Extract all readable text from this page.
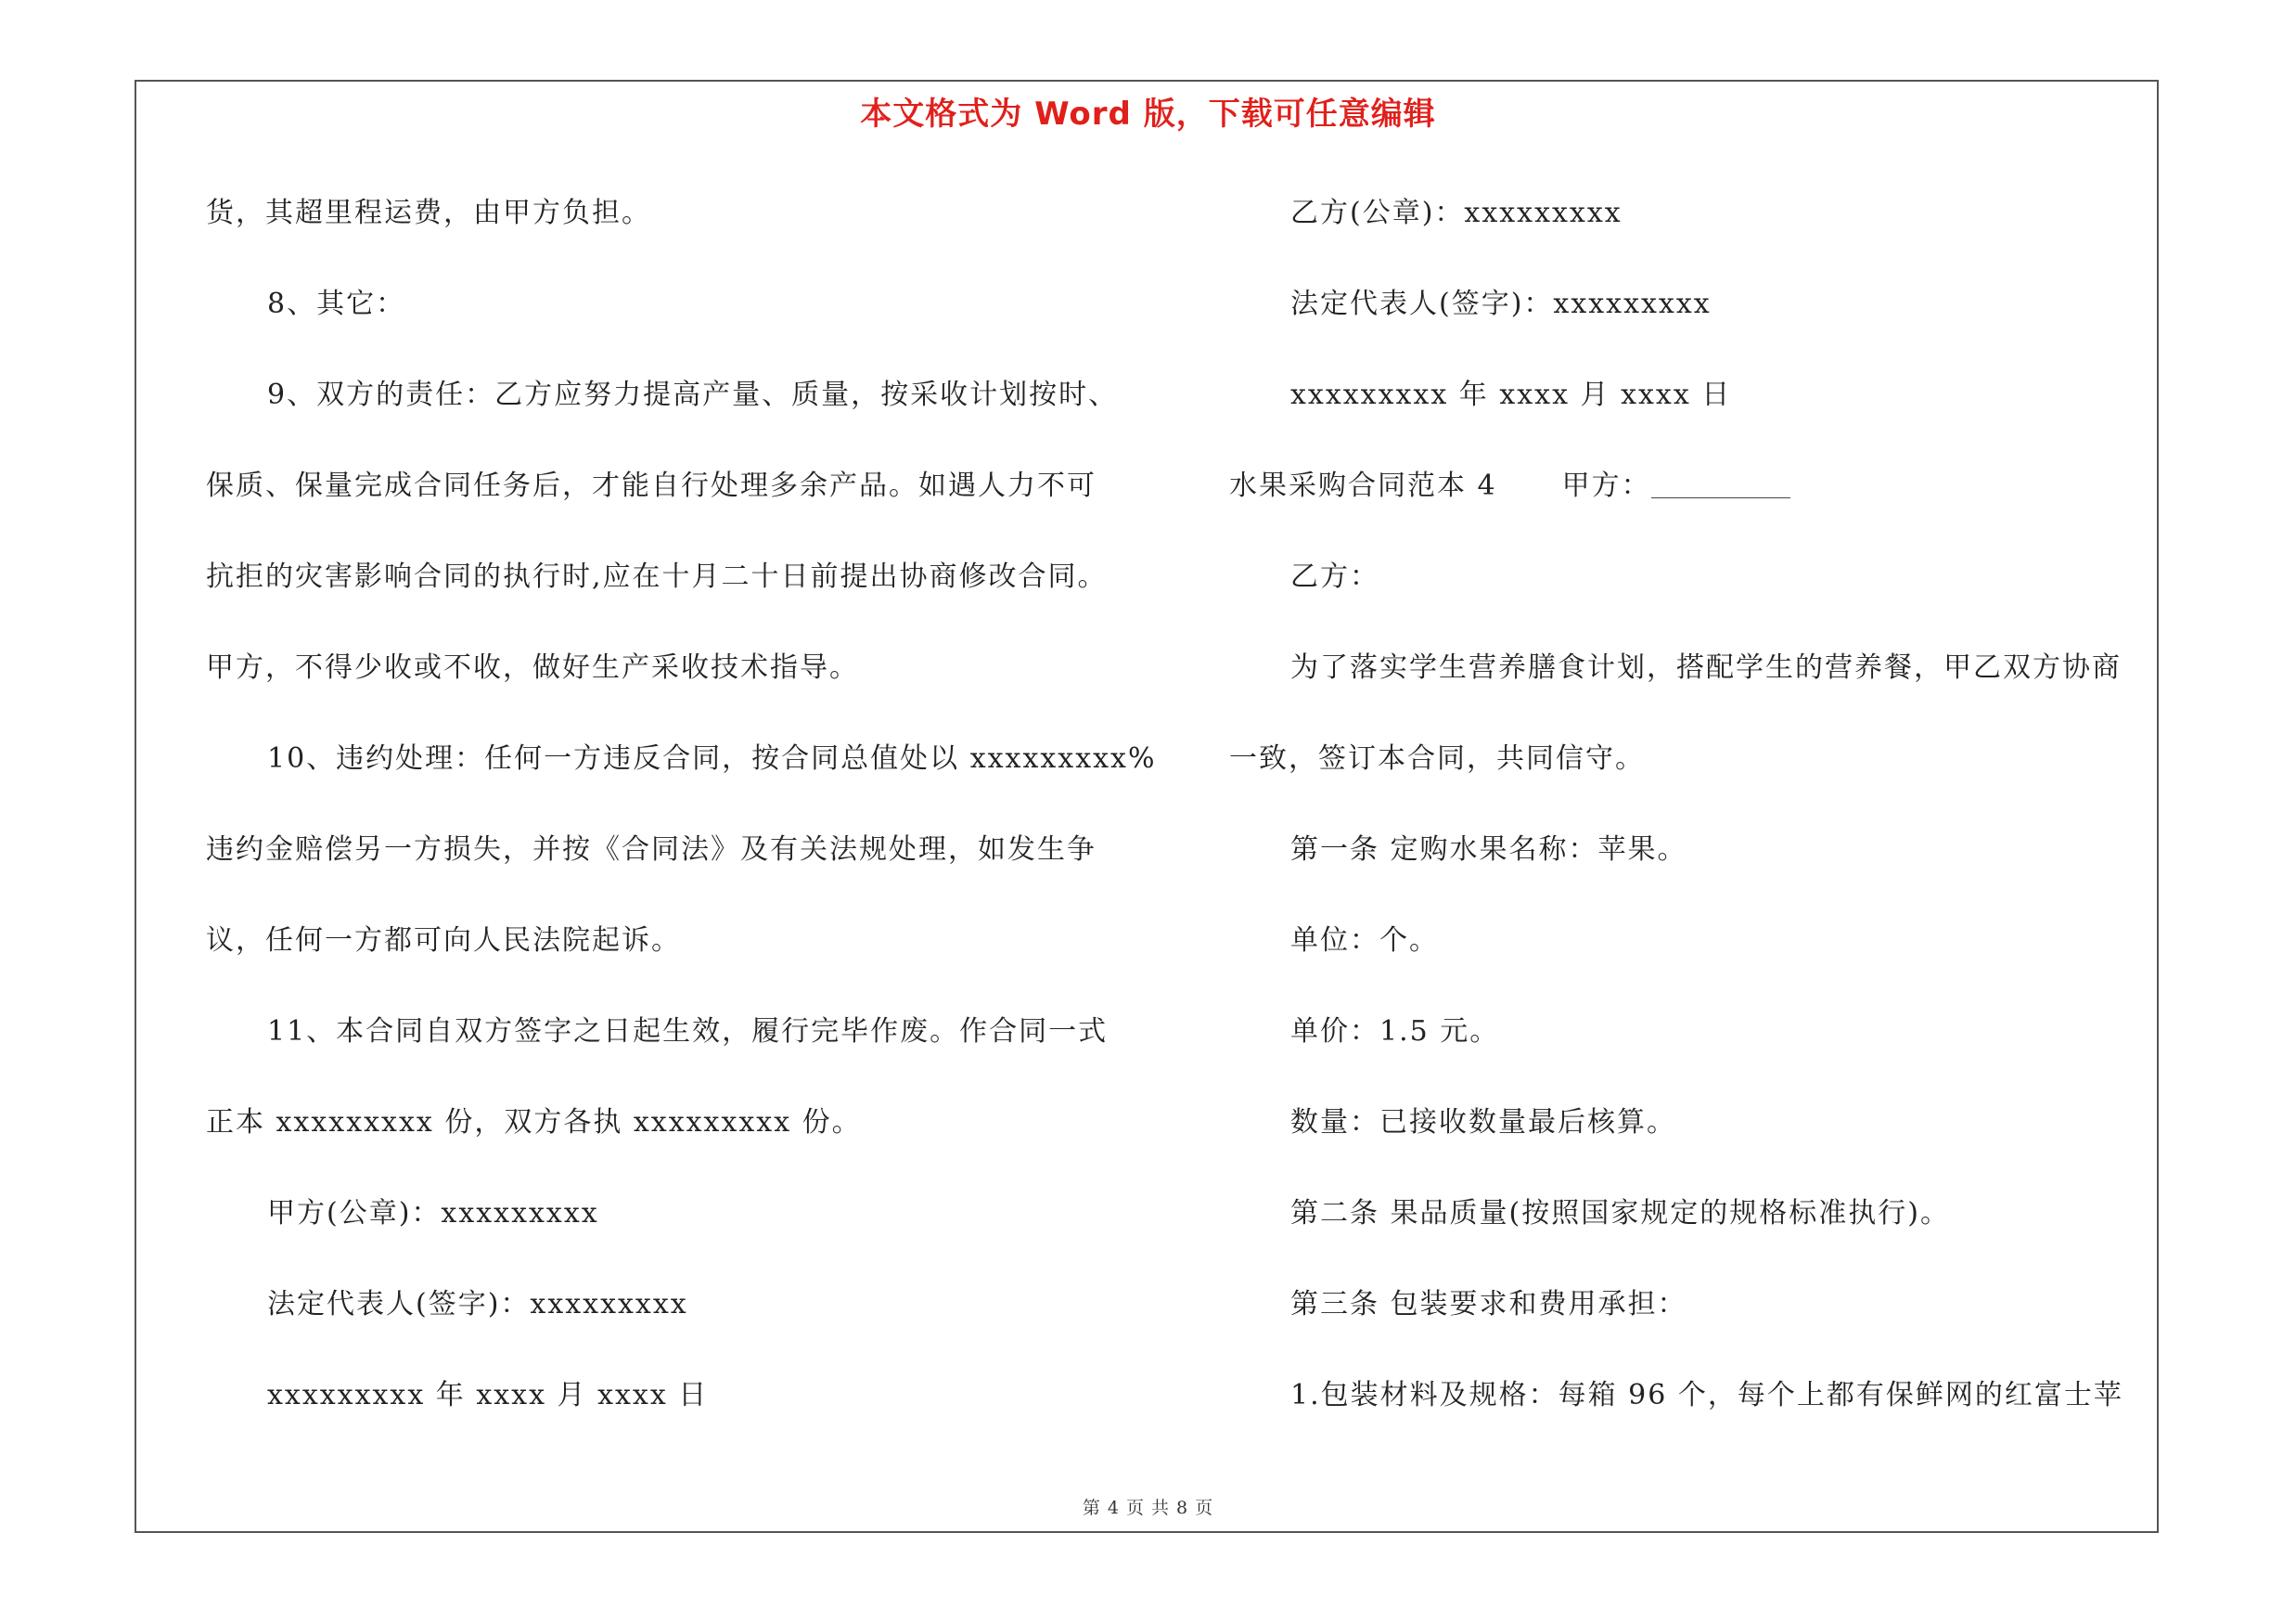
本文格式为 Word 版，下载可任意编辑
货，其超里程运费，由甲方负担。
8、其它：
9、双方的责任：乙方应努力提高产量、质量，按采收计划按时、
保质、保量完成合同任务后，才能自行处理多余产品。如遇人力不可
抗拒的灾害影响合同的执行时,应在十月二十日前提出协商修改合同。
甲方，不得少收或不收，做好生产采收技术指导。
10、违约处理：任何一方违反合同，按合同总值处以 xxxxxxxxx%
违约金赔偿另一方损失，并按《合同法》及有关法规处理，如发生争
议，任何一方都可向人民法院起诉。
11、本合同自双方签字之日起生效，履行完毕作废。作合同一式
正本 xxxxxxxxx 份，双方各执 xxxxxxxxx 份。
甲方(公章)：xxxxxxxxx
法定代表人(签字)：xxxxxxxxx
xxxxxxxxx 年 xxxx 月 xxxx 日
乙方(公章)：xxxxxxxxx
法定代表人(签字)：xxxxxxxxx
xxxxxxxxx 年 xxxx 月 xxxx 日
水果采购合同范本 4 甲方：
乙方：
为了落实学生营养膳食计划，搭配学生的营养餐，甲乙双方协商
一致，签订本合同，共同信守。
第一条 定购水果名称：苹果。
单位：个。
单价：1.5 元。
数量：已接收数量最后核算。
第二条 果品质量(按照国家规定的规格标准执行)。
第三条 包装要求和费用承担：
1.包装材料及规格：每箱 96 个，每个上都有保鲜网的红富士苹
第 4 页 共 8 页
